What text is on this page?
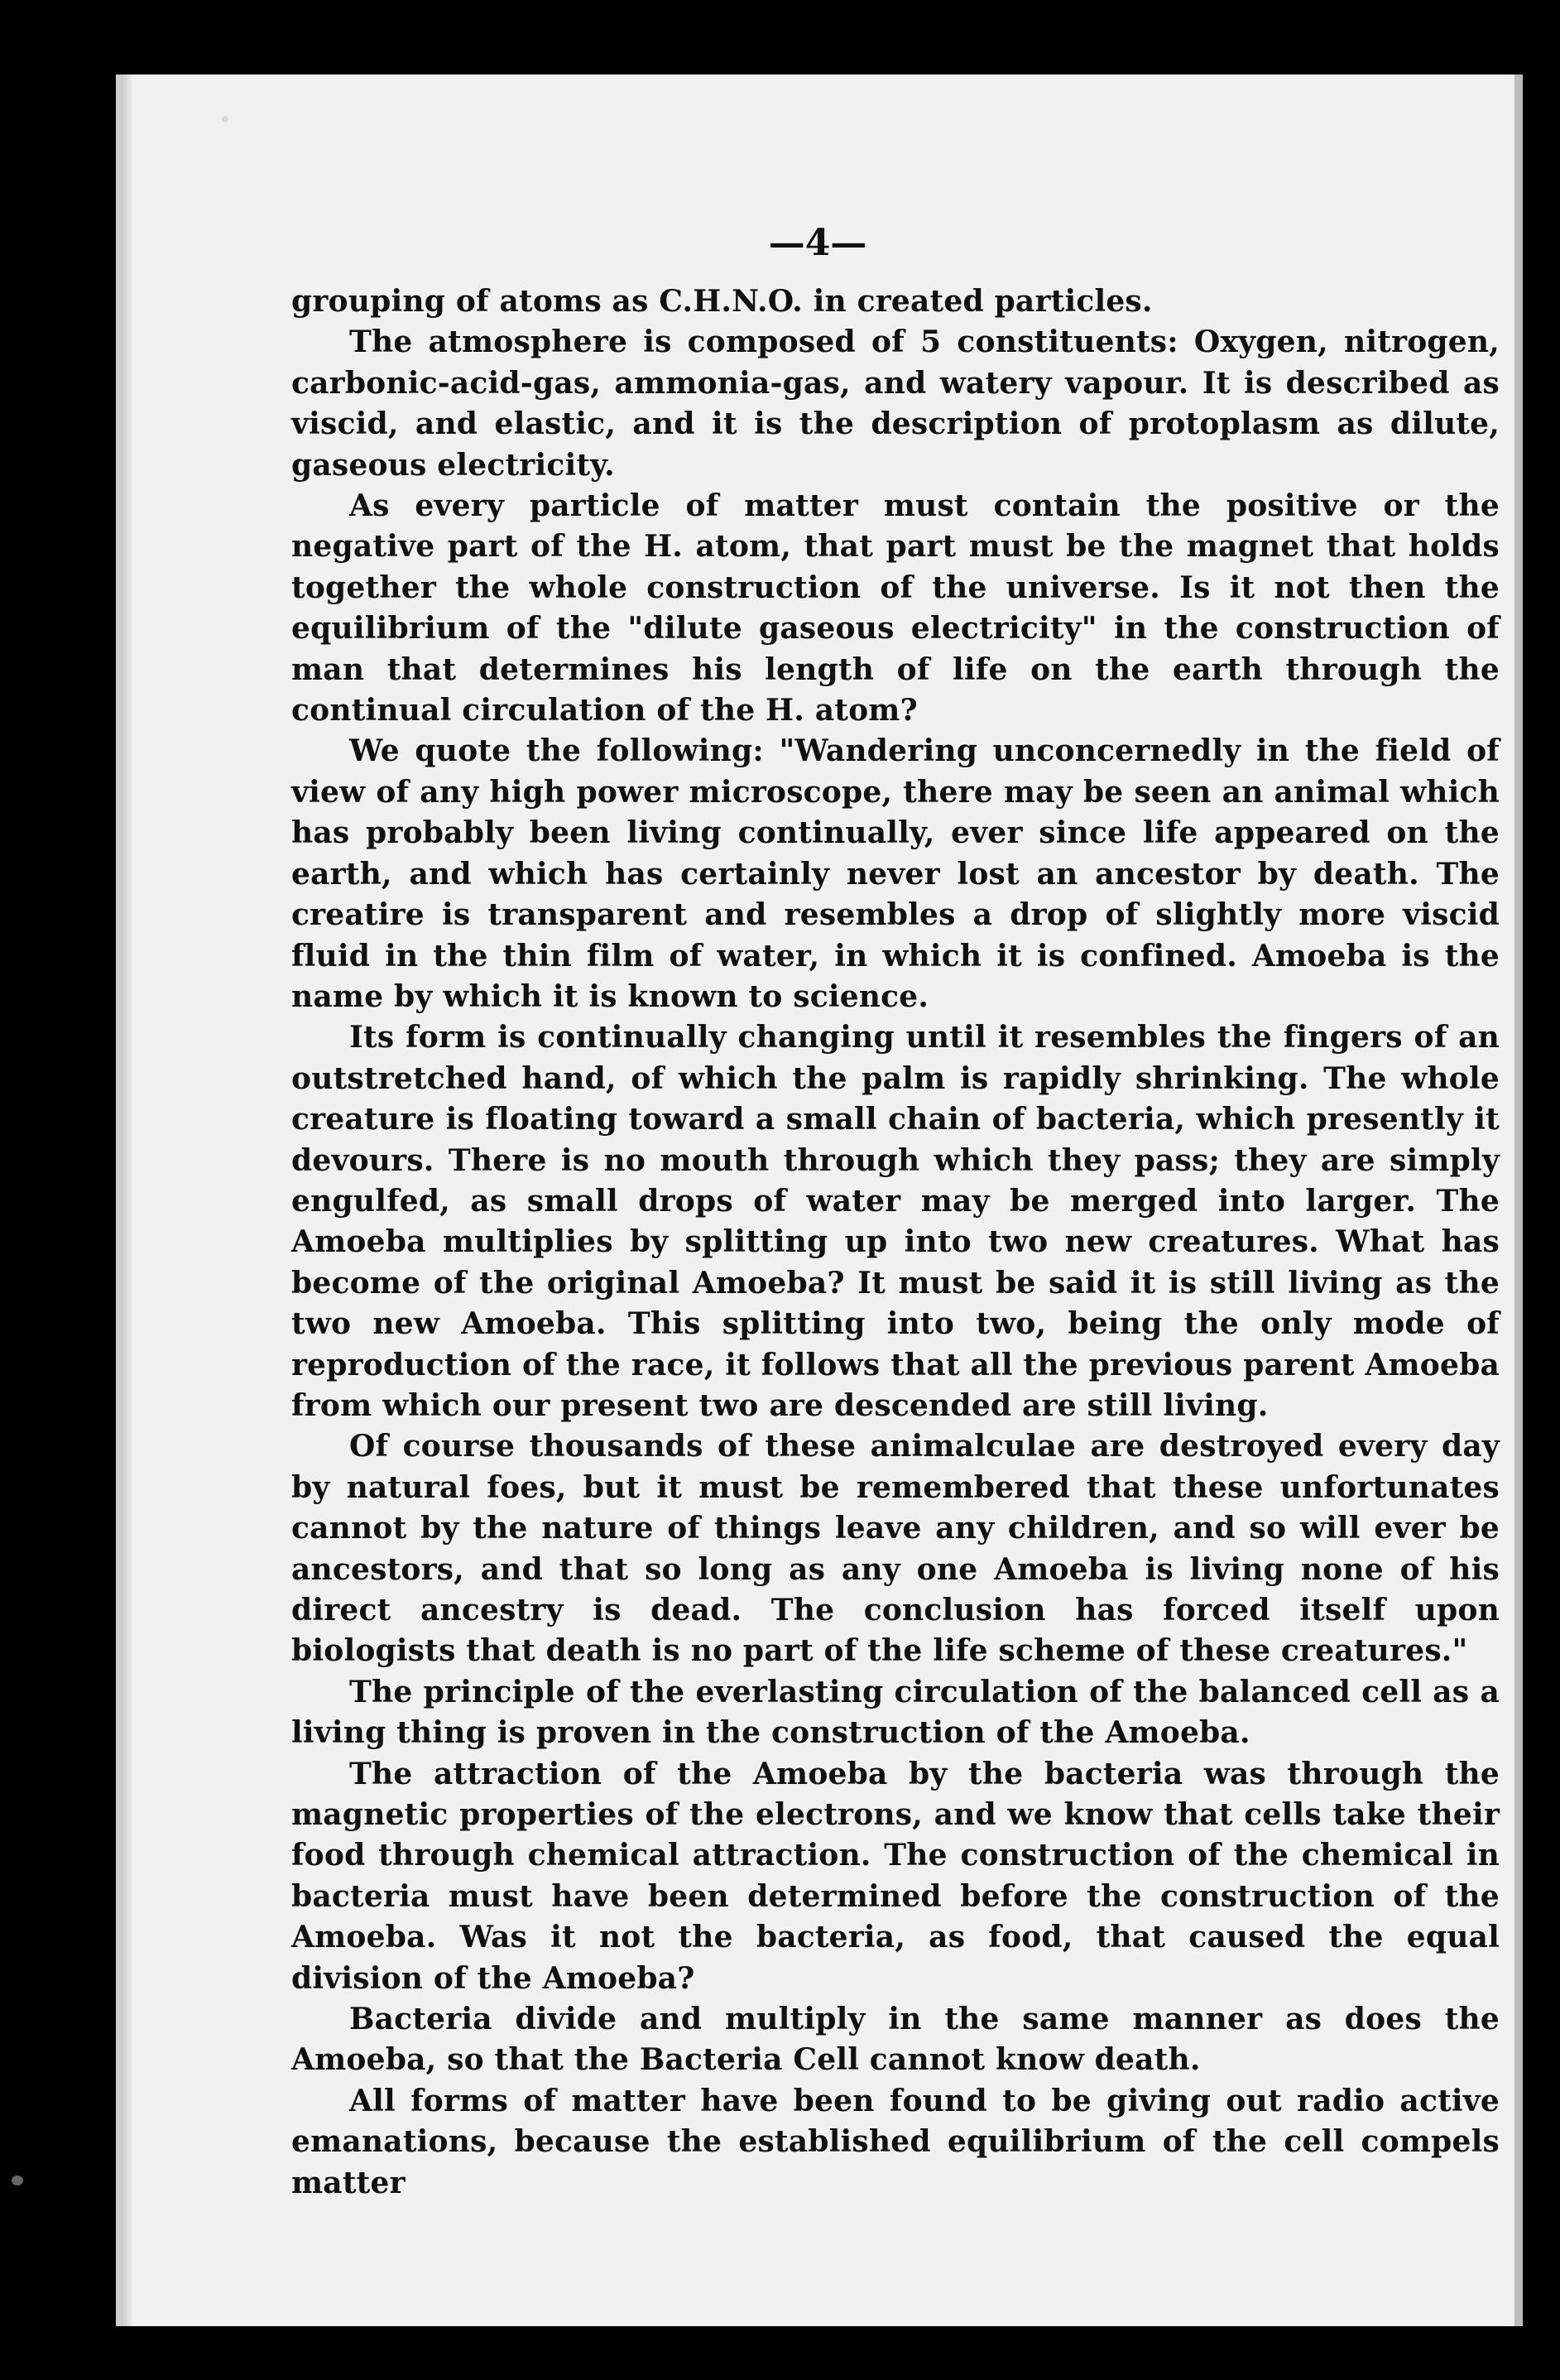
—4—

grouping of atoms as C.H.N.O. in created particles.

The atmosphere is composed of 5 constituents: Oxygen, nitrogen, carbonic-acid-gas, ammonia-gas, and watery vapour. It is described as viscid, and elastic, and it is the description of protoplasm as dilute, gaseous electricity.

As every particle of matter must contain the positive or the negative part of the H. atom, that part must be the magnet that holds together the whole construction of the universe. Is it not then the equilibrium of the "dilute gaseous electricity" in the construction of man that determines his length of life on the earth through the continual circulation of the H. atom?

We quote the following: "Wandering unconcernedly in the field of view of any high power microscope, there may be seen an animal which has probably been living continually, ever since life appeared on the earth, and which has certainly never lost an ancestor by death. The creatire is transparent and resembles a drop of slightly more viscid fluid in the thin film of water, in which it is confined. Amoeba is the name by which it is known to science.

Its form is continually changing until it resembles the fingers of an outstretched hand, of which the palm is rapidly shrinking. The whole creature is floating toward a small chain of bacteria, which presently it devours. There is no mouth through which they pass; they are simply engulfed, as small drops of water may be merged into larger. The Amoeba multiplies by splitting up into two new creatures. What has become of the original Amoeba? It must be said it is still living as the two new Amoeba. This splitting into two, being the only mode of reproduction of the race, it follows that all the previous parent Amoeba from which our present two are descended are still living.

Of course thousands of these animalculae are destroyed every day by natural foes, but it must be remembered that these unfortunates cannot by the nature of things leave any children, and so will ever be ancestors, and that so long as any one Amoeba is living none of his direct ancestry is dead. The conclusion has forced itself upon biologists that death is no part of the life scheme of these creatures."

The principle of the everlasting circulation of the balanced cell as a living thing is proven in the construction of the Amoeba.

The attraction of the Amoeba by the bacteria was through the magnetic properties of the electrons, and we know that cells take their food through chemical attraction. The construction of the chemical in bacteria must have been determined before the construction of the Amoeba. Was it not the bacteria, as food, that caused the equal division of the Amoeba?

Bacteria divide and multiply in the same manner as does the Amoeba, so that the Bacteria Cell cannot know death.

All forms of matter have been found to be giving out radio active emanations, because the established equilibrium of the cell compels matter
